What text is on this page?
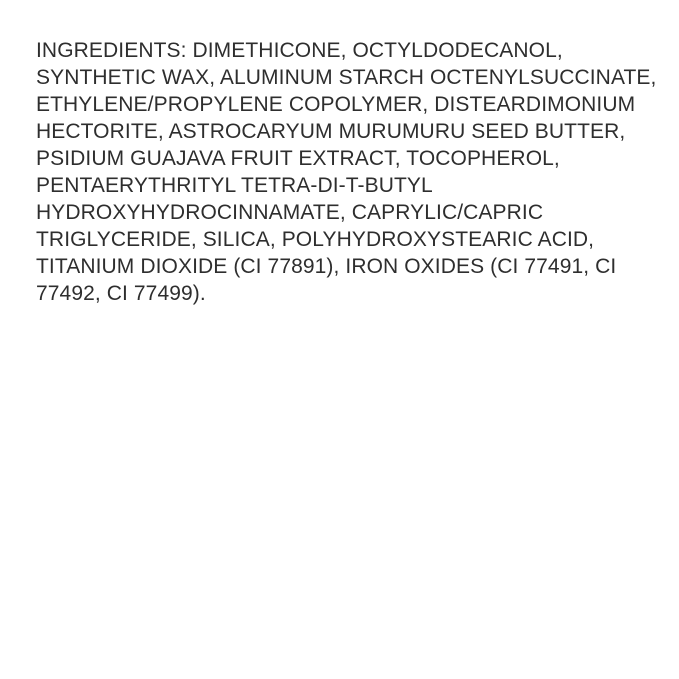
INGREDIENTS: DIMETHICONE, OCTYLDODECANOL,
SYNTHETIC WAX, ALUMINUM STARCH OCTENYLSUCCINATE,
ETHYLENE/PROPYLENE COPOLYMER, DISTEARDIMONIUM
HECTORITE, ASTROCARYUM MURUMURU SEED BUTTER,
PSIDIUM GUAJAVA FRUIT EXTRACT, TOCOPHEROL,
PENTAERYTHRITYL TETRA-DI-T-BUTYL
HYDROXYHYDROCINNAMATE, CAPRYLIC/CAPRIC
TRIGLYCERIDE, SILICA, POLYHYDROXYSTEARIC ACID,
TITANIUM DIOXIDE (CI 77891), IRON OXIDES (CI 77491, CI
77492, CI 77499).
